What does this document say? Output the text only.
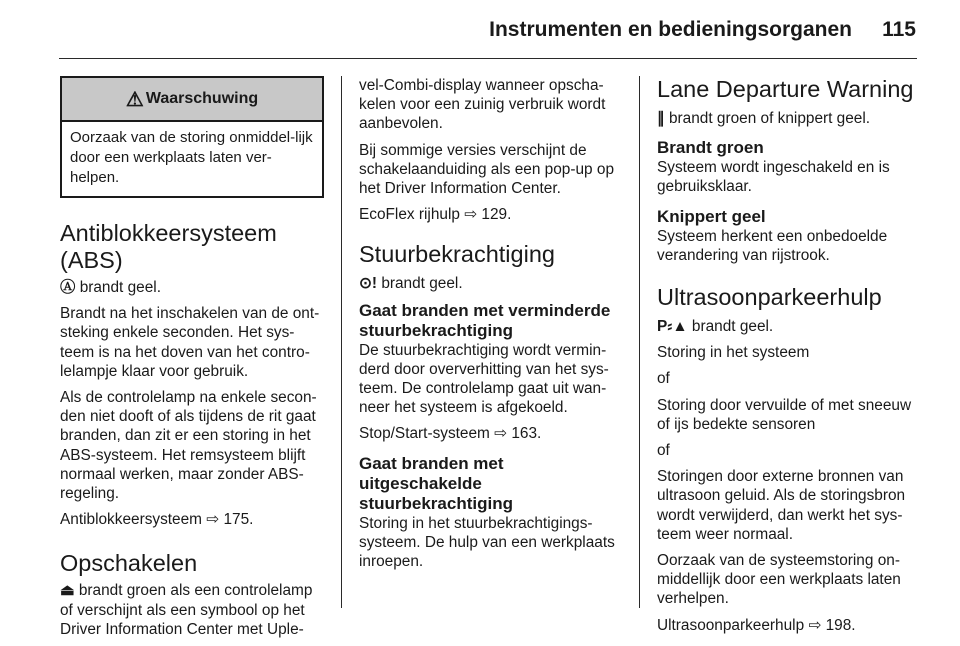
Instrumenten en bedieningsorganen 115
⚠ Waarschuwing
Oorzaak van de storing onmiddel-lijk door een werkplaats laten ver-helpen.
Antiblokkeersysteem
(ABS)

Ⓐ brandt geel.

Brandt na het inschakelen van de ont-steking enkele seconden. Het sys-teem is na het doven van het contro-lelampje klaar voor gebruik.

Als de controlelamp na enkele secon-den niet dooft of als tijdens de rit gaat branden, dan zit er een storing in het ABS-systeem. Het remsysteem blijft normaal werken, maar zonder ABS-regeling.

Antiblokkeersysteem ⇨ 175.

Opschakelen

⏏ brandt groen als een controlelamp of verschijnt als een symbool op het Driver Information Center met Uple-

vel-Combi-display wanneer opscha-kelen voor een zuinig verbruik wordt aanbevolen.

Bij sommige versies verschijnt de schakelaanduiding als een pop-up op het Driver Information Center.

EcoFlex rijhulp ⇨ 129.

Stuurbekrachtiging

⊙! brandt geel.

Gaat branden met verminderde stuurbekrachtiging

De stuurbekrachtiging wordt vermin-derd door oververhitting van het sys-teem. De controlelamp gaat uit wan-neer het systeem is afgekoeld.

Stop/Start-systeem ⇨ 163.

Gaat branden met uitgeschakelde stuurbekrachtiging

Storing in het stuurbekrachtigings-systeem. De hulp van een werkplaats inroepen.

Lane Departure Warning

∥ brandt groen of knippert geel.

Brandt groen

Systeem wordt ingeschakeld en is gebruiksklaar.

Knippert geel

Systeem herkent een onbedoelde verandering van rijstrook.

Ultrasoonparkeerhulp

P⸗▲ brandt geel.

Storing in het systeem

of

Storing door vervuilde of met sneeuw of ijs bedekte sensoren

of

Storingen door externe bronnen van ultrasoon geluid. Als de storingsbron wordt verwijderd, dan werkt het sys-teem weer normaal.

Oorzaak van de systeemstoring on-middellijk door een werkplaats laten verhelpen.

Ultrasoonparkeerhulp ⇨ 198.
